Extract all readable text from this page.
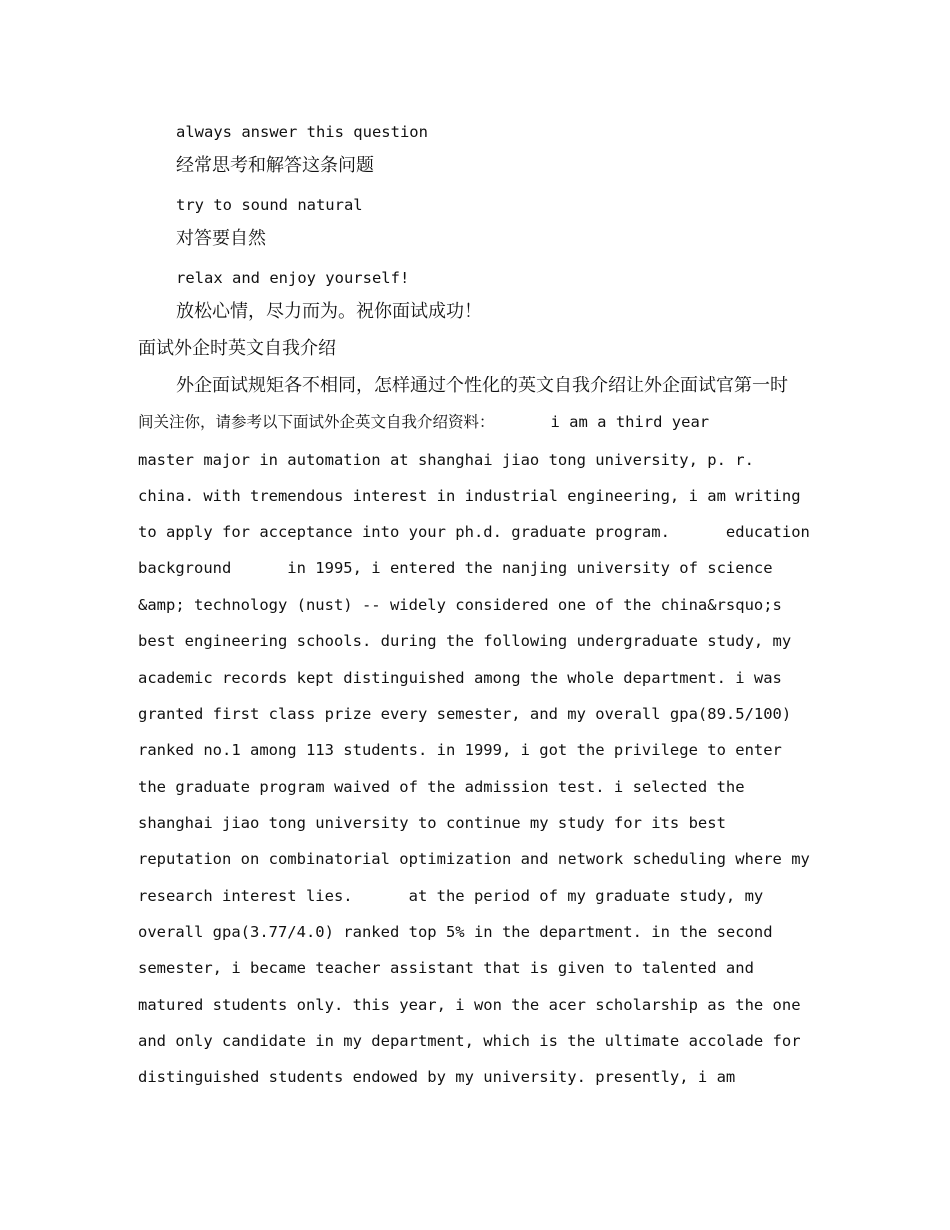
always answer this question

经常思考和解答这条问题

try to sound natural

对答要自然

relax and enjoy yourself!

放松心情，尽力而为。祝你面试成功！

面试外企时英文自我介绍

外企面试规矩各不相同，怎样通过个性化的英文自我介绍让外企面试官第一时

间关注你，请参考以下面试外企英文自我介绍资料：      i am a third year

master major in automation at shanghai jiao tong university, p. r.

china. with tremendous interest in industrial engineering, i am writing

to apply for acceptance into your ph.d. graduate program.      education

background      in 1995, i entered the nanjing university of science

&amp; technology (nust) -- widely considered one of the china&rsquo;s

best engineering schools. during the following undergraduate study, my

academic records kept distinguished among the whole department. i was

granted first class prize every semester, and my overall gpa(89.5/100)

ranked no.1 among 113 students. in 1999, i got the privilege to enter

the graduate program waived of the admission test. i selected the

shanghai jiao tong university to continue my study for its best

reputation on combinatorial optimization and network scheduling where my

research interest lies.      at the period of my graduate study, my

overall gpa(3.77/4.0) ranked top 5% in the department. in the second

semester, i became teacher assistant that is given to talented and

matured students only. this year, i won the acer scholarship as the one

and only candidate in my department, which is the ultimate accolade for

distinguished students endowed by my university. presently, i am
